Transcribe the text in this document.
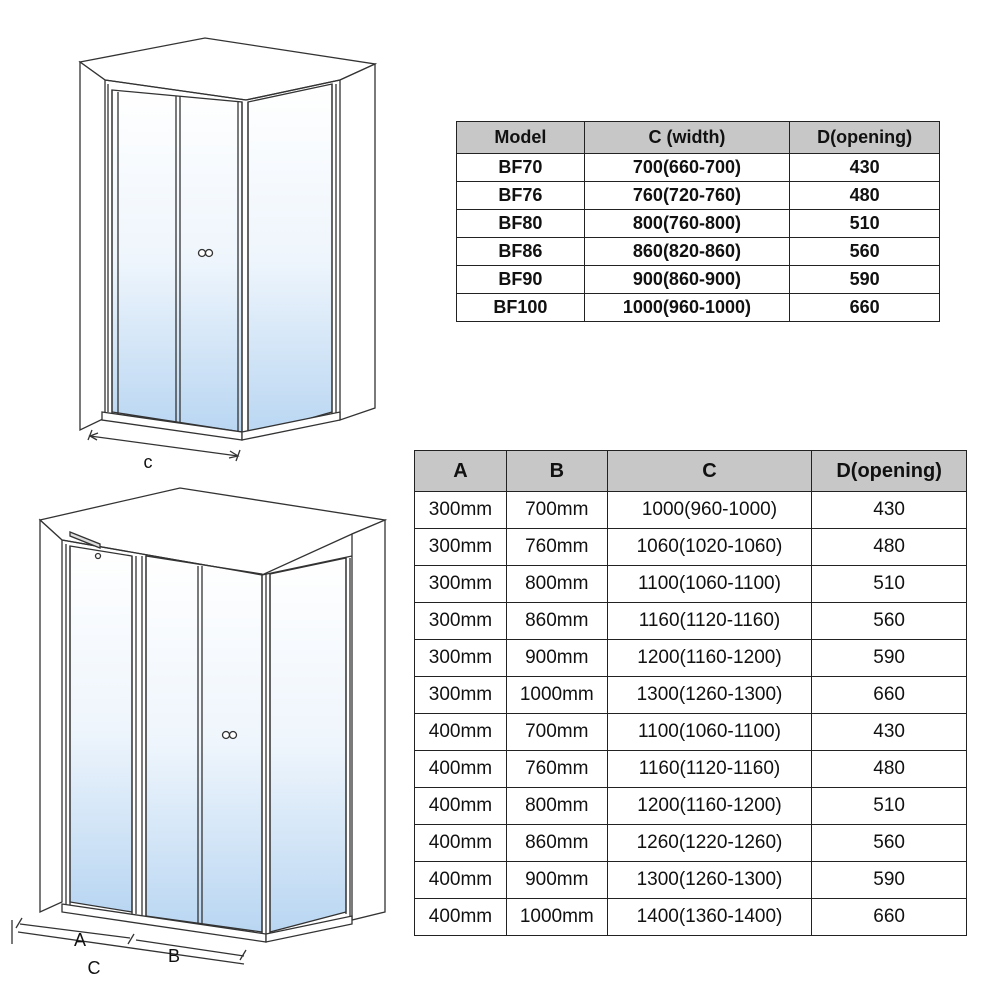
c
A
B
C
Model	C (width)	D(opening)
BF70	700(660-700)	430
BF76	760(720-760)	480
BF80	800(760-800)	510
BF86	860(820-860)	560
BF90	900(860-900)	590
BF100	1000(960-1000)	660
A	B	C	D(opening)
300mm	700mm	1000(960-1000)	430
300mm	760mm	1060(1020-1060)	480
300mm	800mm	1100(1060-1100)	510
300mm	860mm	1160(1120-1160)	560
300mm	900mm	1200(1160-1200)	590
300mm	1000mm	1300(1260-1300)	660
400mm	700mm	1100(1060-1100)	430
400mm	760mm	1160(1120-1160)	480
400mm	800mm	1200(1160-1200)	510
400mm	860mm	1260(1220-1260)	560
400mm	900mm	1300(1260-1300)	590
400mm	1000mm	1400(1360-1400)	660
